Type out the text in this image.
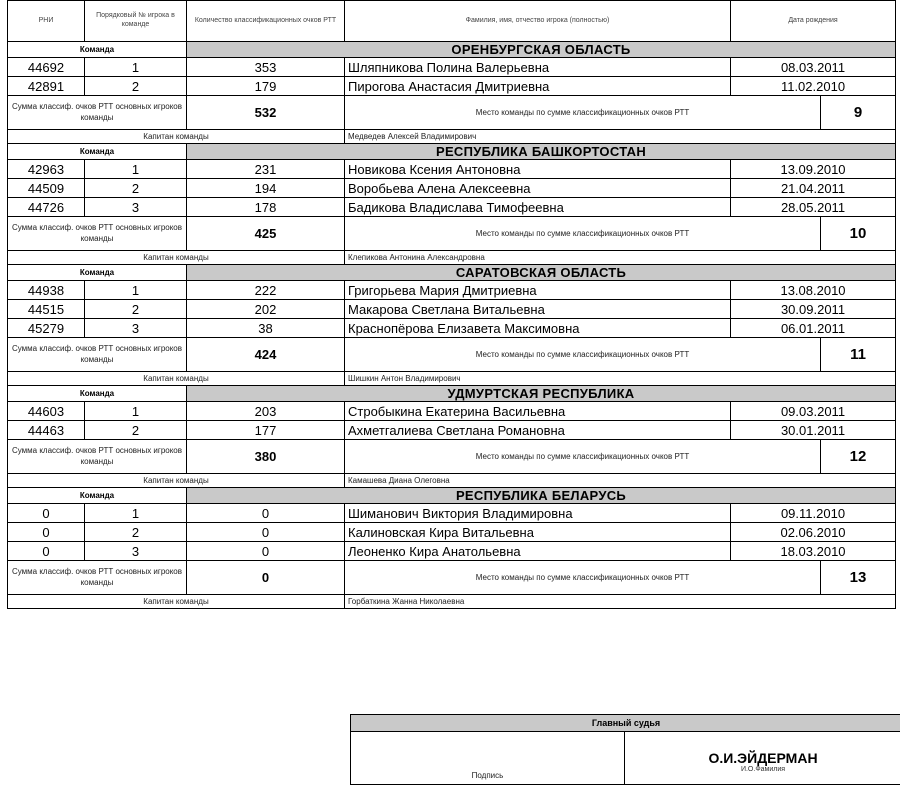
РНИ	Порядковый № игрока в команде	Количество классификационных очков РТТ	Фамилия, имя, отчество игрока (полностью)	Дата рождения	
Команда		ОРЕНБУРГСКАЯ ОБЛАСТЬ			
44692	1	353	Шляпникова Полина Валерьевна	08.03.2011	
42891	2	179	Пирогова Анастасия Дмитриевна	11.02.2010	
Сумма классиф. очков РТТ основных игроков команды		532	Место команды по сумме классификационных очков РТТ		9
Капитан команды			Медведев Алексей Владимирович		
Команда		РЕСПУБЛИКА БАШКОРТОСТАН			
42963	1	231	Новикова Ксения Антоновна	13.09.2010	
44509	2	194	Воробьева Алена Алексеевна	21.04.2011	
44726	3	178	Бадикова Владислава Тимофеевна	28.05.2011	
Сумма классиф. очков РТТ основных игроков команды		425	Место команды по сумме классификационных очков РТТ		10
Капитан команды			Клепикова Антонина Александровна		
Команда		САРАТОВСКАЯ ОБЛАСТЬ			
44938	1	222	Григорьева Мария Дмитриевна	13.08.2010	
44515	2	202	Макарова Светлана Витальевна	30.09.2011	
45279	3	38	Краснопёрова Елизавета Максимовна	06.01.2011	
Сумма классиф. очков РТТ основных игроков команды		424	Место команды по сумме классификационных очков РТТ		11
Капитан команды			Шишкин Антон Владимирович		
Команда		УДМУРТСКАЯ РЕСПУБЛИКА			
44603	1	203	Стробыкина Екатерина Васильевна	09.03.2011	
44463	2	177	Ахметгалиева Светлана Романовна	30.01.2011	
Сумма классиф. очков РТТ основных игроков команды		380	Место команды по сумме классификационных очков РТТ		12
Капитан команды			Камашева Диана Олеговна		
Команда		РЕСПУБЛИКА БЕЛАРУСЬ			
0	1	0	Шиманович Виктория Владимировна	09.11.2010	
0	2	0	Калиновская Кира Витальевна	02.06.2010	
0	3	0	Леоненко Кира Анатольевна	18.03.2010	
Сумма классиф. очков РТТ основных игроков команды		0	Место команды по сумме классификационных очков РТТ		13
Капитан команды			Горбаткина Жанна Николаевна		
Главный судья
Подпись	
О.И.ЭЙДЕРМАН
И.О.Фамилия
